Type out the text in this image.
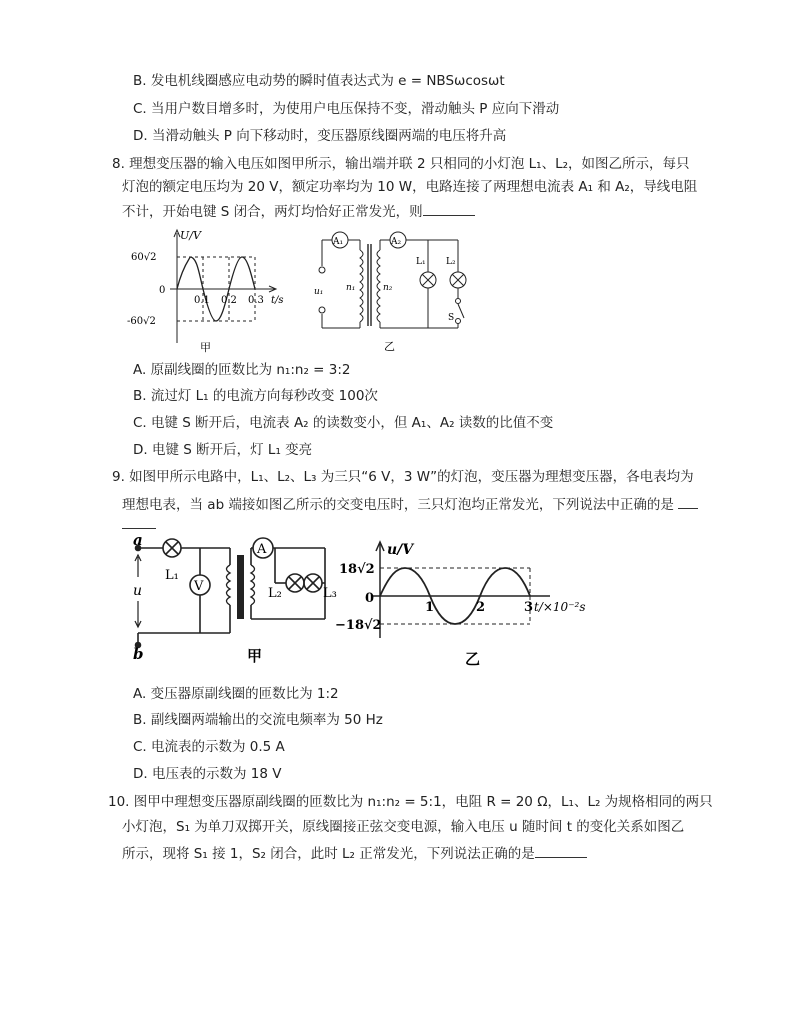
B. 发电机线圈感应电动势的瞬时值表达式为 e = NBSωcosωt
C. 当用户数目增多时，为使用户电压保持不变，滑动触头 P 应向下滑动
D. 当滑动触头 P 向下移动时，变压器原线圈两端的电压将升高
8. 理想变压器的输入电压如图甲所示，输出端并联 2 只相同的小灯泡 L₁、L₂，如图乙所示，每只
灯泡的额定电压均为 20 V，额定功率均为 10 W，电路连接了两理想电流表 A₁ 和 A₂，导线电阻
不计，开始电键 S 闭合，两灯均恰好正常发光，则
U/V
60√2
0
-60√2
0.1 0.2 0.3 t/s
甲
A₁	A₂
u₁	n₁	n₂
L₁ L₂
S
乙
A. 原副线圈的匝数比为 n₁:n₂ = 3:2
B. 流过灯 L₁ 的电流方向每秒改变 100次
C. 电键 S 断开后，电流表 A₂ 的读数变小，但 A₁、A₂ 读数的比值不变
D. 电键 S 断开后，灯 L₁ 变亮
9. 如图甲所示电路中，L₁、L₂、L₃ 为三只“6 V，3 W”的灯泡，变压器为理想变压器，各电表均为
理想电表，当 ab 端接如图乙所示的交变电压时，三只灯泡均正常发光，下列说法中正确的是
a
b
u
L₁
V
A
L₂	L₃
甲
u/V
18√2
0
−18√2
1	2	3 t/×10⁻²s
乙
A. 变压器原副线圈的匝数比为 1:2
B. 副线圈两端输出的交流电频率为 50 Hz
C. 电流表的示数为 0.5 A
D. 电压表的示数为 18 V
10. 图甲中理想变压器原副线圈的匝数比为 n₁:n₂ = 5:1，电阻 R = 20 Ω，L₁、L₂ 为规格相同的两只
小灯泡，S₁ 为单刀双掷开关，原线圈接正弦交变电源，输入电压 u 随时间 t 的变化关系如图乙
所示，现将 S₁ 接 1，S₂ 闭合，此时 L₂ 正常发光，下列说法正确的是
